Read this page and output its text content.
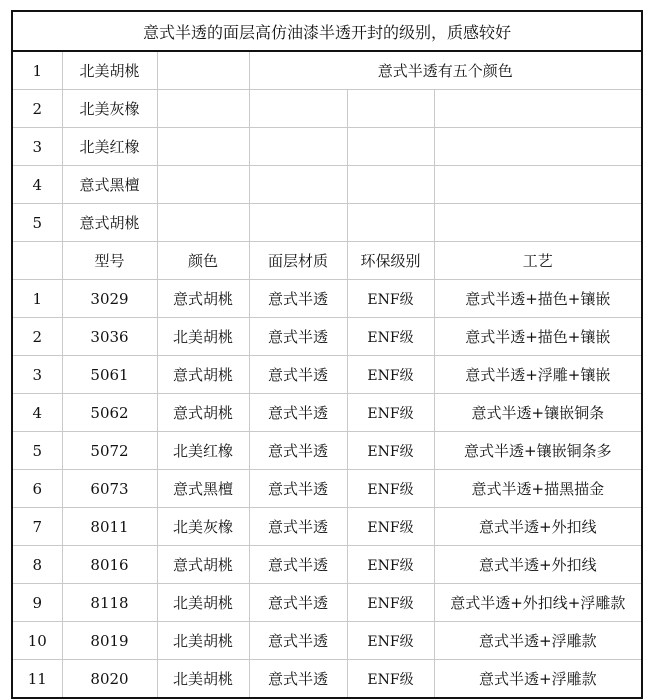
意式半透的面层高仿油漆半透开封的级别，质感较好					
1	北美胡桃		意式半透有五个颜色		
2	北美灰橡				
3	北美红橡				
4	意式黑檀				
5	意式胡桃				
	型号	颜色	面层材质	环保级别	工艺
1	3029	意式胡桃	意式半透	ENF级	意式半透+描色+镶嵌
2	3036	北美胡桃	意式半透	ENF级	意式半透+描色+镶嵌
3	5061	意式胡桃	意式半透	ENF级	意式半透+浮雕+镶嵌
4	5062	意式胡桃	意式半透	ENF级	意式半透+镶嵌铜条
5	5072	北美红橡	意式半透	ENF级	意式半透+镶嵌铜条多
6	6073	意式黑檀	意式半透	ENF级	意式半透+描黑描金
7	8011	北美灰橡	意式半透	ENF级	意式半透+外扣线
8	8016	意式胡桃	意式半透	ENF级	意式半透+外扣线
9	8118	北美胡桃	意式半透	ENF级	意式半透+外扣线+浮雕款
10	8019	北美胡桃	意式半透	ENF级	意式半透+浮雕款
11	8020	北美胡桃	意式半透	ENF级	意式半透+浮雕款
